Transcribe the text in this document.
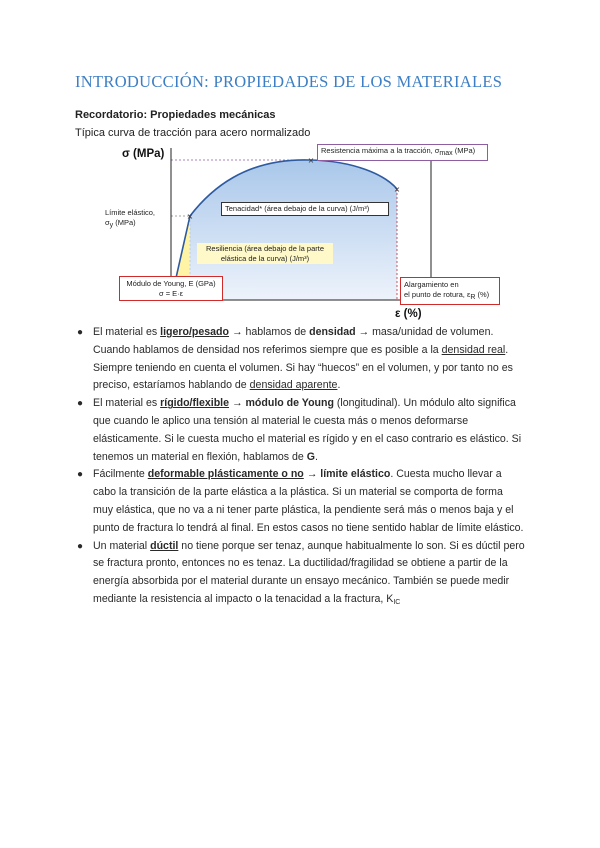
INTRODUCCIÓN: PROPIEDADES DE LOS MATERIALES
Recordatorio: Propiedades mecánicas
Típica curva de tracción para acero normalizado
×
×
×
σ (MPa)
ε (%)
Resistencia máxima a la tracción, σmax (MPa)
Tenacidad* (área debajo de la curva) (J/m³)
Límite elástico,
σy (MPa)
Resiliencia (área debajo de la parte
elástica de la curva) (J/m³)
Módulo de Young, E (GPa)
σ = E·ε
Alargamiento en
el punto de rotura, εR (%)

● El material es ligero/pesado → hablamos de densidad → masa/unidad de volumen. Cuando hablamos de densidad nos referimos siempre que es posible a la densidad real. Siempre teniendo en cuenta el volumen. Si hay “huecos” en el volumen, y por tanto no es preciso, estaríamos hablando de densidad aparente.

● El material es rígido/flexible → módulo de Young (longitudinal). Un módulo alto significa que cuando le aplico una tensión al material le cuesta más o menos deformarse elásticamente. Si le cuesta mucho el material es rígido y en el caso contrario es elástico. Si tenemos un material en flexión, hablamos de G.

● Fácilmente deformable plásticamente o no → límite elástico. Cuesta mucho llevar a cabo la transición de la parte elástica a la plástica. Si un material se comporta de forma muy elástica, que no va a ni tener parte plástica, la pendiente será más o menos baja y el punto de fractura lo tendrá al final. En estos casos no tiene sentido hablar de límite elástico.

● Un material dúctil no tiene porque ser tenaz, aunque habitualmente lo son. Si es dúctil pero se fractura pronto, entonces no es tenaz. La ductilidad/fragilidad se obtiene a partir de la energía absorbida por el material durante un ensayo mecánico. También se puede medir mediante la resistencia al impacto o la tenacidad a la fractura, $K_{IC}$
